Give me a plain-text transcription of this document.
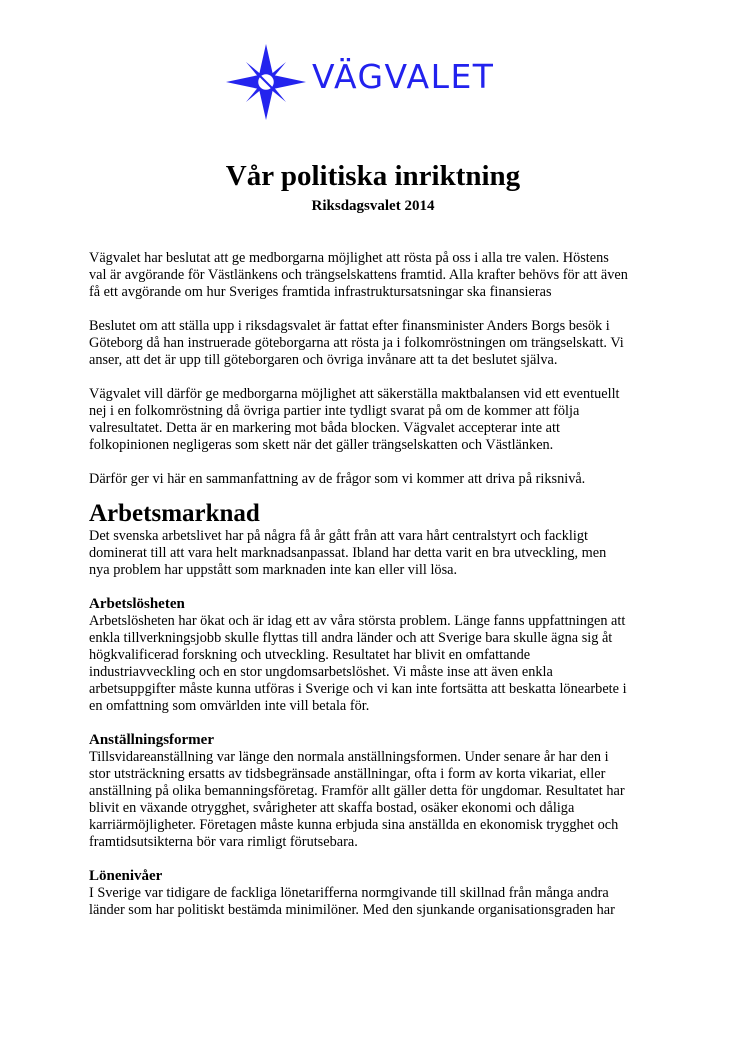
VÄGVALET
Vår politiska inriktning
Riksdagsvalet 2014

Vägvalet har beslutat att ge medborgarna möjlighet att rösta på oss i alla tre valen. Höstens
val är avgörande för Västlänkens och trängselskattens framtid. Alla krafter behövs för att även
få ett avgörande om hur Sveriges framtida infrastruktursatsningar ska finansieras

Beslutet om att ställa upp i riksdagsvalet är fattat efter finansminister Anders Borgs besök i
Göteborg då han instruerade göteborgarna att rösta ja i folkomröstningen om trängselskatt. Vi
anser, att det är upp till göteborgaren och övriga invånare att ta det beslutet själva.

Vägvalet vill därför ge medborgarna möjlighet att säkerställa maktbalansen vid ett eventuellt
nej i en folkomröstning då övriga partier inte tydligt svarat på om de kommer att följa
valresultatet. Detta är en markering mot båda blocken. Vägvalet accepterar inte att
folkopinionen negligeras som skett när det gäller trängselskatten och Västlänken.

Därför ger vi här en sammanfattning av de frågor som vi kommer att driva på riksnivå.

Arbetsmarknad

Det svenska arbetslivet har på några få år gått från att vara hårt centralstyrt och fackligt
dominerat till att vara helt marknadsanpassat. Ibland har detta varit en bra utveckling, men
nya problem har uppstått som marknaden inte kan eller vill lösa.

Arbetslösheten

Arbetslösheten har ökat och är idag ett av våra största problem. Länge fanns uppfattningen att
enkla tillverkningsjobb skulle flyttas till andra länder och att Sverige bara skulle ägna sig åt
högkvalificerad forskning och utveckling. Resultatet har blivit en omfattande
industriavveckling och en stor ungdomsarbetslöshet. Vi måste inse att även enkla
arbetsuppgifter måste kunna utföras i Sverige och vi kan inte fortsätta att beskatta lönearbete i
en omfattning som omvärlden inte vill betala för.

Anställningsformer

Tillsvidareanställning var länge den normala anställningsformen. Under senare år har den i
stor utsträckning ersatts av tidsbegränsade anställningar, ofta i form av korta vikariat, eller
anställning på olika bemanningsföretag. Framför allt gäller detta för ungdomar. Resultatet har
blivit en växande otrygghet, svårigheter att skaffa bostad, osäker ekonomi och dåliga
karriärmöjligheter. Företagen måste kunna erbjuda sina anställda en ekonomisk trygghet och
framtidsutsikterna bör vara rimligt förutsebara.

Lönenivåer

I Sverige var tidigare de fackliga lönetarifferna normgivande till skillnad från många andra
länder som har politiskt bestämda minimilöner. Med den sjunkande organisationsgraden har
